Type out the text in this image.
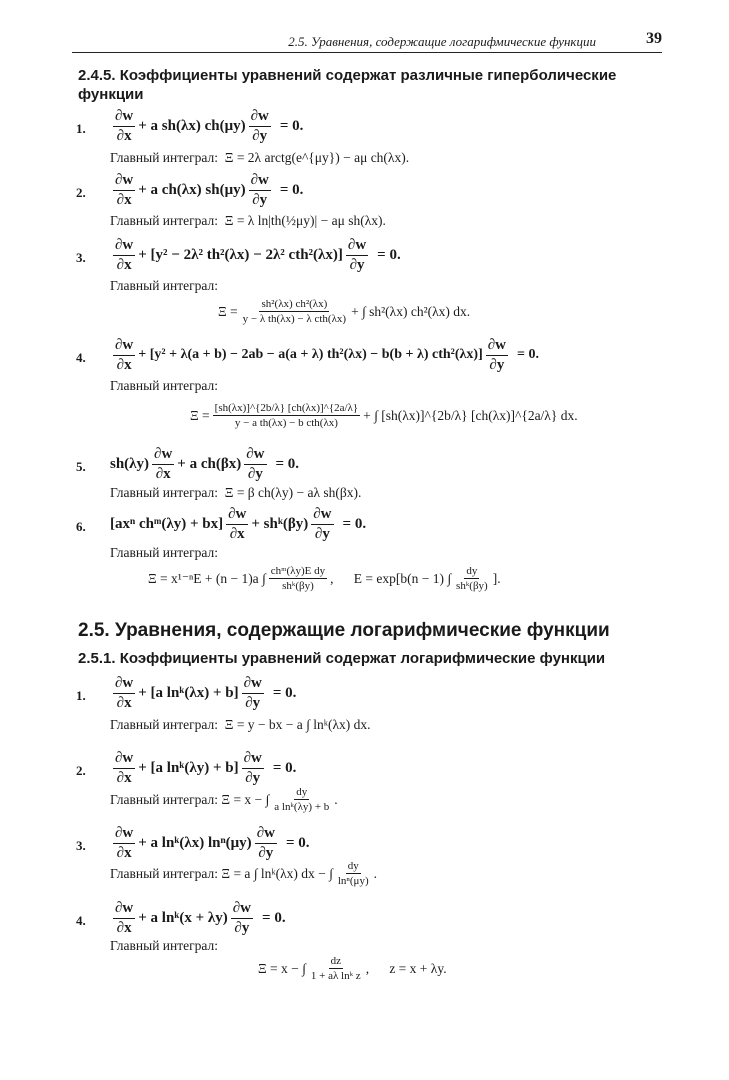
2.5. Уравнения, содержащие логарифмические функции	39
2.4.5. Коэффициенты уравнений содержат различные гиперболические функции
1. $\frac{\partial w}{\partial x} + a$ sh(λx) $ch(\mu y) \frac{\partial w}{\partial y} = 0$.
Главный интеграл: Ξ = 2λ arctg(e^{μy}) − aμ ch(λx).
2. $\frac{\partial w}{\partial x} + a$ ch(λx) $sh(\mu y) \frac{\partial w}{\partial y} = 0$.
Главный интеграл: Ξ = λ ln|th(½μy)| − aμ sh(λx).
3. $\frac{\partial w}{\partial x} + [y^2 - 2\lambda^2$ th²(λx) − 2λ² $cth^2(\lambda x)] \frac{\partial w}{\partial y} = 0$.
Главный интеграл:
$\Xi = \frac{\text{sh²(λx) ch²(λx)}}{\text{y − λ th(λx) − λ cth(λx)}}$ + ∫ sh²(λx) ch²(λx) dx.
4. $\frac{\partial w}{\partial x} + [y^2 + \lambda(a + b) - 2ab - a(a + \lambda) th^2(\lambda x) - b(b + \lambda)$ $cth^2(\lambda x)] \frac{\partial w}{\partial y} = 0$.
Главный интеграл:
$\Xi = \frac{[sh(\lambda x)]\^{}\{2b/\lambda\} [ch(\lambda x)]\^{}\{2a/\lambda\}}{\text{y − a th(λx) − b cth(λx)}}$ + ∫ [sh(λx)]^{2b/λ} [ch(λx)]^{2a/λ} dx.
5. $sh(\lambda y) \frac{\partial w}{\partial x} + a$ $ch(\beta x) \frac{\partial w}{\partial y} = 0$.
Главный интеграл: Ξ = β ch(λy) − aλ sh(βx).
6. [axⁿ chᵐ(λy) + $bx] \frac{\partial w}{\partial x}$ + shᵏ(βy) $\frac{\partial w}{\partial y} = 0$.
Главный интеграл:
Ξ = x¹⁻ⁿE + (n − 1)a ∫ $\frac{\text{chᵐ(λy)E dy}}{\text{shᵏ(βy)}}$ ,      E = exp[b(n − 1) ∫ $\frac{dy}{\text{shᵏ(βy)}}$ ].
2.5. Уравнения, содержащие логарифмические функции
2.5.1. Коэффициенты уравнений содержат логарифмические функции
1. $\frac{\partial w}{\partial x} + [a$ lnᵏ(λx) + $b] \frac{\partial w}{\partial y} = 0$.
Главный интеграл: Ξ = y − bx − a ∫ lnᵏ(λx) dx.
2. $\frac{\partial w}{\partial x} + [a$ lnᵏ(λy) + $b] \frac{\partial w}{\partial y} = 0$.
Главный интеграл:
Ξ = x − ∫ $\frac{dy}{\text{a lnᵏ(λy) + b}}$ .
3. $\frac{\partial w}{\partial x} + a$ lnᵏ(λx) $\ln^n(\mu y) \frac{\partial w}{\partial y} = 0$.
Главный интеграл:
Ξ = a ∫ lnᵏ(λx) dx − ∫ $\frac{dy}{\text{lnⁿ(μy)}}$ .
4. $\frac{\partial w}{\partial x} + a$ lnᵏ(x + $\lambda y) \frac{\partial w}{\partial y} = 0$.
Главный интеграл:
Ξ = x − ∫ $\frac{dz}{\text{1 + aλ lnᵏ z}}$ ,      z = x + λy.
